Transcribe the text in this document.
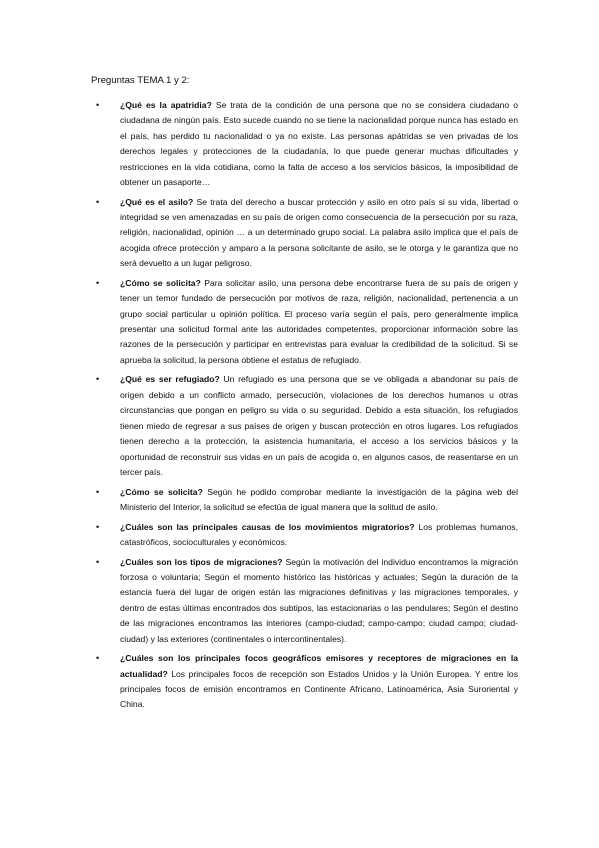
Preguntas TEMA 1 y 2:
• ¿Qué es la apatridia? Se trata de la condición de una persona que no se considera ciudadano o ciudadana de ningún país. Esto sucede cuando no se tiene la nacionalidad porque nunca has estado en el país, has perdido tu nacionalidad o ya no existe. Las personas apátridas se ven privadas de los derechos legales y protecciones de la ciudadanía, lo que puede generar muchas dificultades y restricciones en la vida cotidiana, como la falta de acceso a los servicios básicos, la imposibilidad de obtener un pasaporte…
• ¿Qué es el asilo? Se trata del derecho a buscar protección y asilo en otro país si su vida, libertad o integridad se ven amenazadas en su país de origen como consecuencia de la persecución por su raza, religión, nacionalidad, opinión … a un determinado grupo social. La palabra asilo implica que el país de acogida ofrece protección y amparo a la persona solicitante de asilo, se le otorga y le garantiza que no será devuelto a un lugar peligroso.
• ¿Cómo se solicita? Para solicitar asilo, una persona debe encontrarse fuera de su país de origen y tener un temor fundado de persecución por motivos de raza, religión, nacionalidad, pertenencia a un grupo social particular u opinión política. El proceso varía según el país, pero generalmente implica presentar una solicitud formal ante las autoridades competentes, proporcionar información sobre las razones de la persecución y participar en entrevistas para evaluar la credibilidad de la solicitud. Si se aprueba la solicitud, la persona obtiene el estatus de refugiado.
• ¿Qué es ser refugiado? Un refugiado es una persona que se ve obligada a abandonar su país de origen debido a un conflicto armado, persecución, violaciones de los derechos humanos u otras circunstancias que pongan en peligro su vida o su seguridad. Debido a esta situación, los refugiados tienen miedo de regresar a sus países de origen y buscan protección en otros lugares. Los refugiados tienen derecho a la protección, la asistencia humanitaria, el acceso a los servicios básicos y la oportunidad de reconstruir sus vidas en un país de acogida o, en algunos casos, de reasentarse en un tercer país.
• ¿Cómo se solicita? Según he podido comprobar mediante la investigación de la página web del Ministerio del Interior, la solicitud se efectúa de igual manera que la solitud de asilo.
• ¿Cuáles son las principales causas de los movimientos migratorios? Los problemas humanos, catastróficos, socioculturales y económicos.
• ¿Cuáles son los tipos de migraciones? Según la motivación del individuo encontramos la migración forzosa o voluntaria; Según el momento histórico las históricas y actuales; Según la duración de la estancia fuera del lugar de origen están las migraciones definitivas y las migraciones temporales, y dentro de estas últimas encontrados dos subtipos, las estacionarias o las pendulares; Según el destino de las migraciones encontramos las interiores (campo-ciudad; campo-campo; ciudad campo; ciudad-ciudad) y las exteriores (continentales o intercontinentales).
• ¿Cuáles son los principales focos geográficos emisores y receptores de migraciones en la actualidad? Los principales focos de recepción son Estados Unidos y la Unión Europea. Y entre los principales focos de emisión encontramos en Continente Africano, Latinoamérica, Asia Suroriental y China.
